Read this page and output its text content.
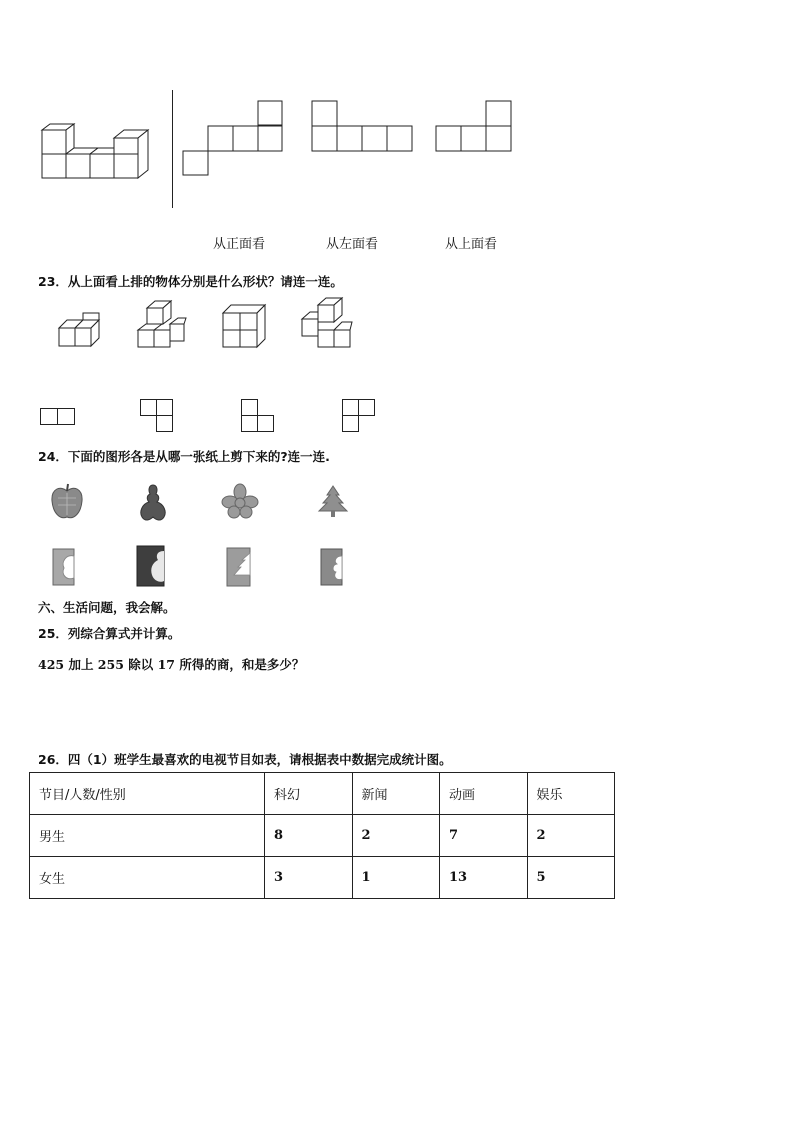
从正面看	从左面看	从上面看
23．从上面看上排的物体分别是什么形状？请连一连。
24．下面的图形各是从哪一张纸上剪下来的?连一连.
六、生活问题，我会解。
25．列综合算式并计算。
425 加上 255 除以 17 所得的商，和是多少？
26．四（1）班学生最喜欢的电视节目如表，请根据表中数据完成统计图。
节目/人数/性别	科幻	新闻	动画	娱乐
男生	8	2	7	2
女生	3	1	13	5
